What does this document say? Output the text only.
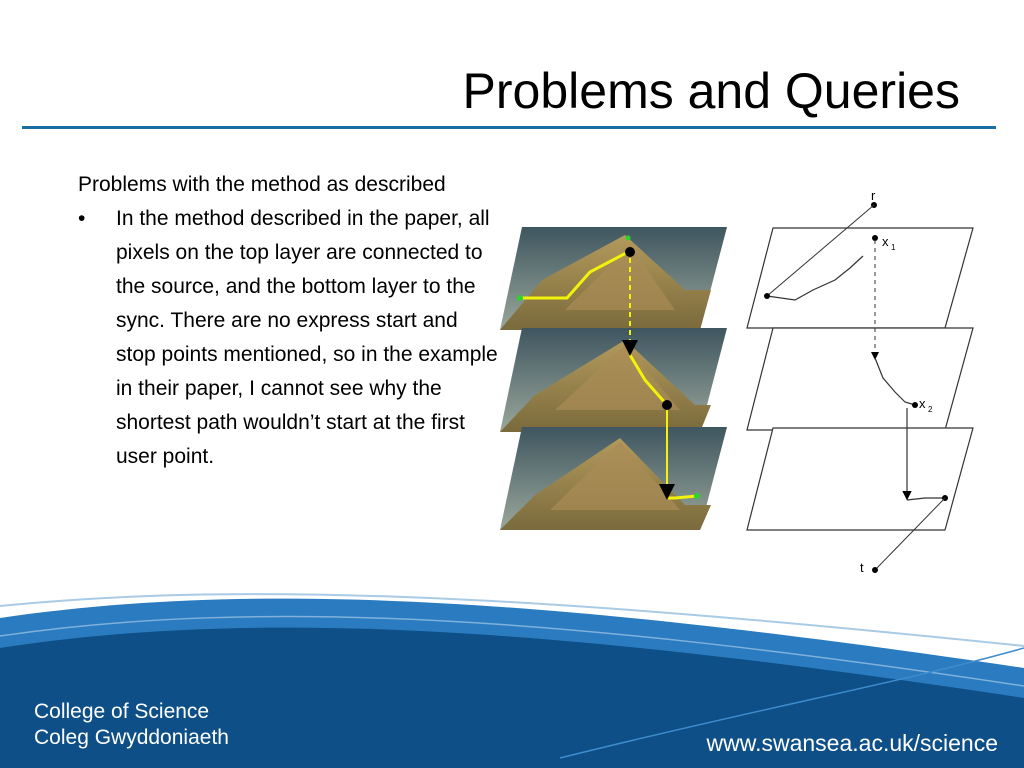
Problems and Queries

Problems with the method as described

• In the method described in the paper, all pixels on the top layer are connected to the source, and the bottom layer to the sync. There are no express start and stop points mentioned, so in the example in their paper, I cannot see why the shortest path wouldn’t start at the first user point.
r
x 1
x 2
t
College of Science
Coleg Gwyddoniaeth	www.swansea.ac.uk/science
